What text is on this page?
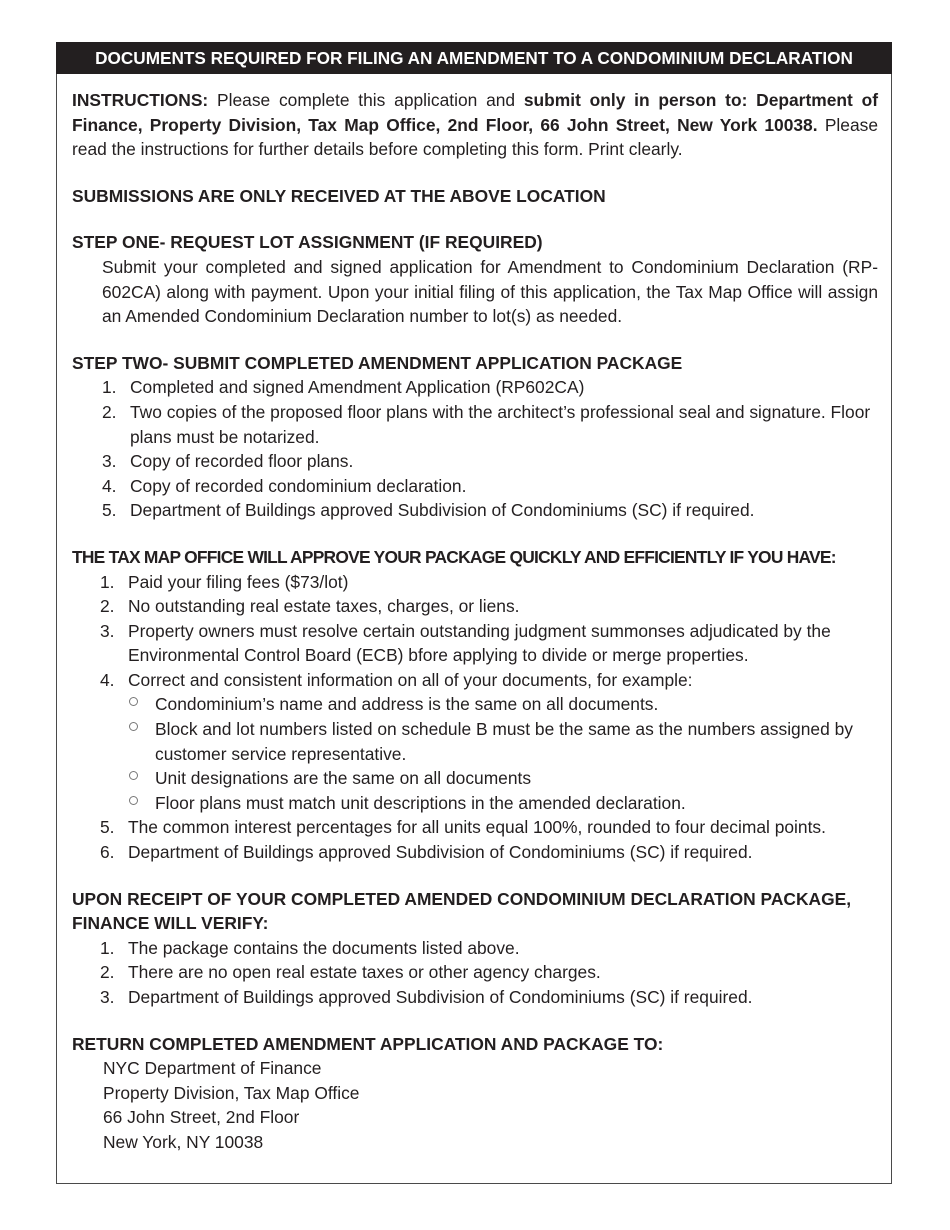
DOCUMENTS REQUIRED FOR FILING AN AMENDMENT TO A CONDOMINIUM DECLARATION

INSTRUCTIONS: Please complete this application and submit only in person to: Department of Finance, Property Division, Tax Map Office, 2nd Floor, 66 John Street, New York 10038. Please read the instructions for further details before completing this form. Print clearly.

SUBMISSIONS ARE ONLY RECEIVED AT THE ABOVE LOCATION

STEP ONE- REQUEST LOT ASSIGNMENT (IF REQUIRED)

Submit your completed and signed application for Amendment to Condominium Declaration (RP-602CA) along with payment. Upon your initial filing of this application, the Tax Map Office will assign an Amended Condominium Declaration number to lot(s) as needed.

STEP TWO- SUBMIT COMPLETED AMENDMENT APPLICATION PACKAGE

1. Completed and signed Amendment Application (RP602CA)
2. Two copies of the proposed floor plans with the architect’s professional seal and signature. Floor plans must be notarized.
3. Copy of recorded floor plans.
4. Copy of recorded condominium declaration.
5. Department of Buildings approved Subdivision of Condominiums (SC) if required.

THE TAX MAP OFFICE WILL APPROVE YOUR PACKAGE QUICKLY AND EFFICIENTLY IF YOU HAVE:

1. Paid your filing fees ($73/lot)
2. No outstanding real estate taxes, charges, or liens.
3. Property owners must resolve certain outstanding judgment summonses adjudicated by the Environmental Control Board (ECB) bfore applying to divide or merge properties.
4. Correct and consistent information on all of your documents, for example:
Condominium’s name and address is the same on all documents.
Block and lot numbers listed on schedule B must be the same as the numbers assigned by customer service representative.
Unit designations are the same on all documents
Floor plans must match unit descriptions in the amended declaration.
5. The common interest percentages for all units equal 100%, rounded to four decimal points.
6. Department of Buildings approved Subdivision of Condominiums (SC) if required.

UPON RECEIPT OF YOUR COMPLETED AMENDED CONDOMINIUM DECLARATION PACKAGE, FINANCE WILL VERIFY:

1. The package contains the documents listed above.
2. There are no open real estate taxes or other agency charges.
3. Department of Buildings approved Subdivision of Condominiums (SC) if required.

RETURN COMPLETED AMENDMENT APPLICATION AND PACKAGE TO:

NYC Department of Finance

Property Division, Tax Map Office

66 John Street, 2nd Floor

New York, NY 10038
